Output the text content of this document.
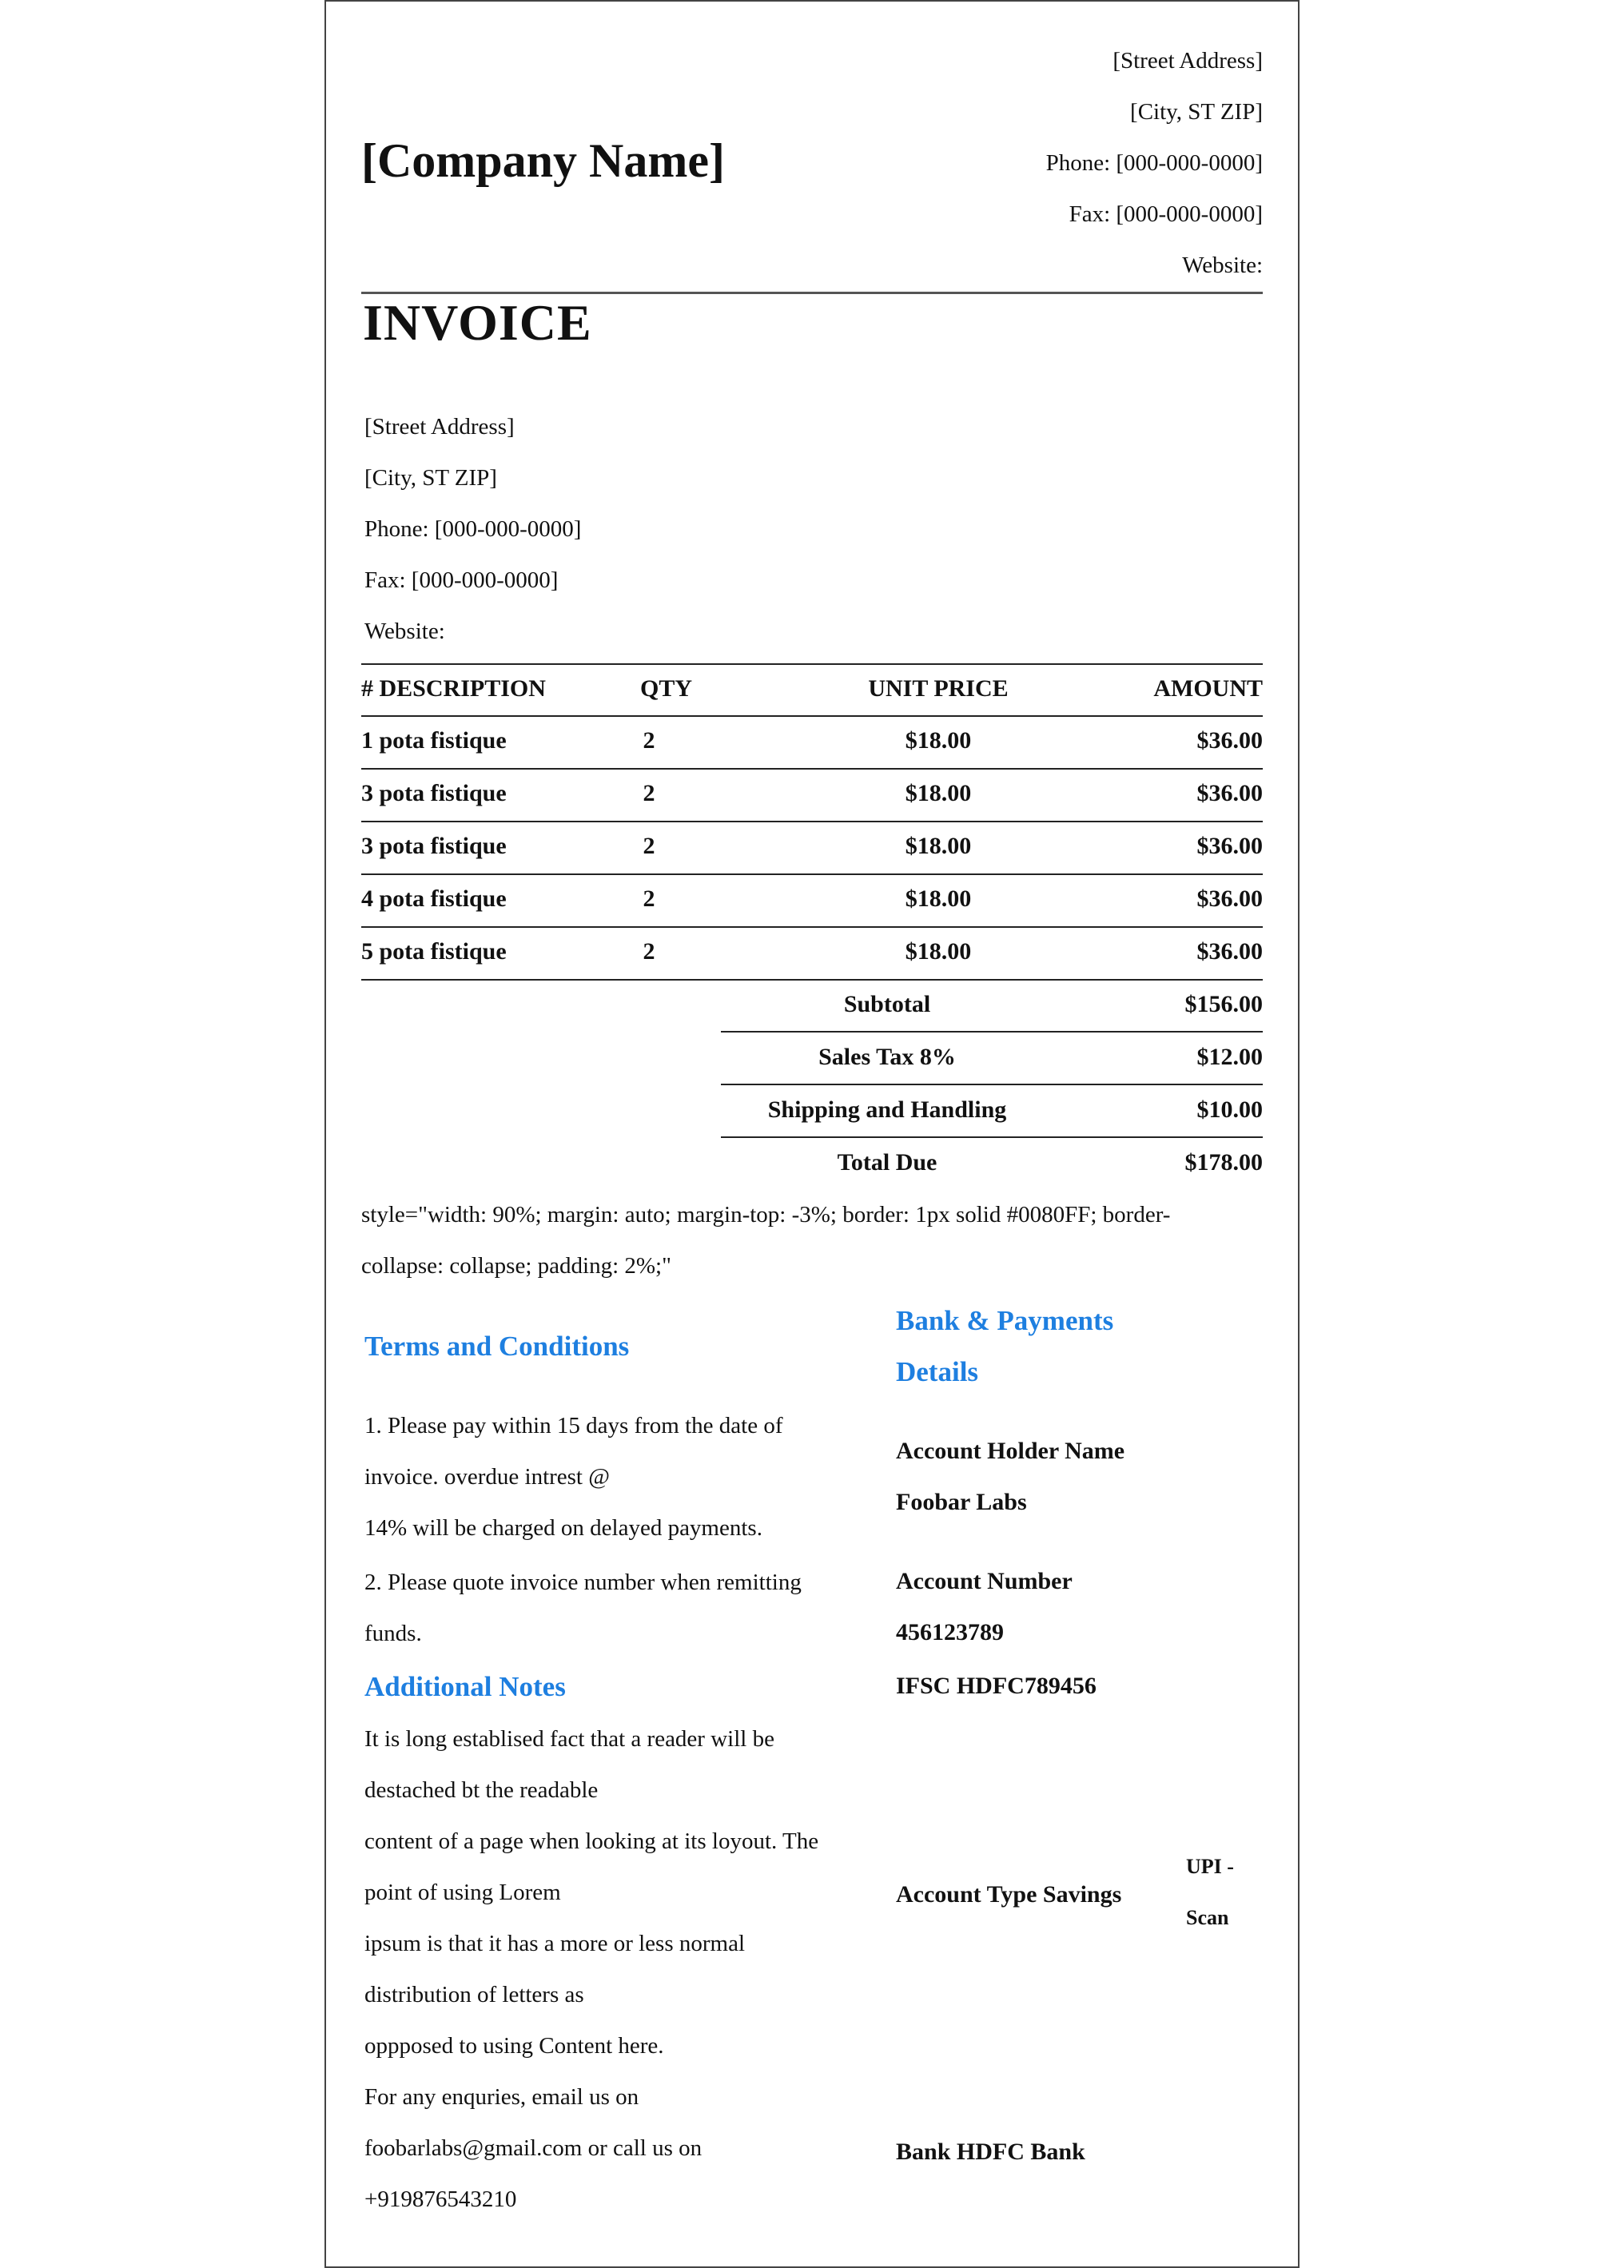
[Company Name]
[Street Address]
[City, ST ZIP]
Phone: [000-000-0000]
Fax: [000-000-0000]
Website:
INVOICE
[Street Address]
[City, ST ZIP]
Phone: [000-000-0000]
Fax: [000-000-0000]
Website:
# DESCRIPTION	QTY	UNIT PRICE	AMOUNT
1 pota fistique	2	$18.00	$36.00
3 pota fistique	2	$18.00	$36.00
3 pota fistique	2	$18.00	$36.00
4 pota fistique	2	$18.00	$36.00
5 pota fistique	2	$18.00	$36.00
Subtotal	$156.00
Sales Tax 8%	$12.00
Shipping and Handling	$10.00
Total Due	$178.00
style="width: 90%; margin: auto; margin-top: -3%; border: 1px solid #0080FF; border-
collapse: collapse; padding: 2%;"
Terms and Conditions
1. Please pay within 15 days from the date of
invoice. overdue intrest @
14% will be charged on delayed payments.
2. Please quote invoice number when remitting
funds.
Additional Notes
It is long establised fact that a reader will be
destached bt the readable
content of a page when looking at its loyout. The
point of using Lorem
ipsum is that it has a more or less normal
distribution of letters as
oppposed to using Content here.
For any enquries, email us on
foobarlabs@gmail.com or call us on
+919876543210
Bank & Payments
Details
Account Holder Name
Foobar Labs
Account Number
456123789
IFSC HDFC789456
Account Type Savings
UPI -
Scan
Bank HDFC Bank
